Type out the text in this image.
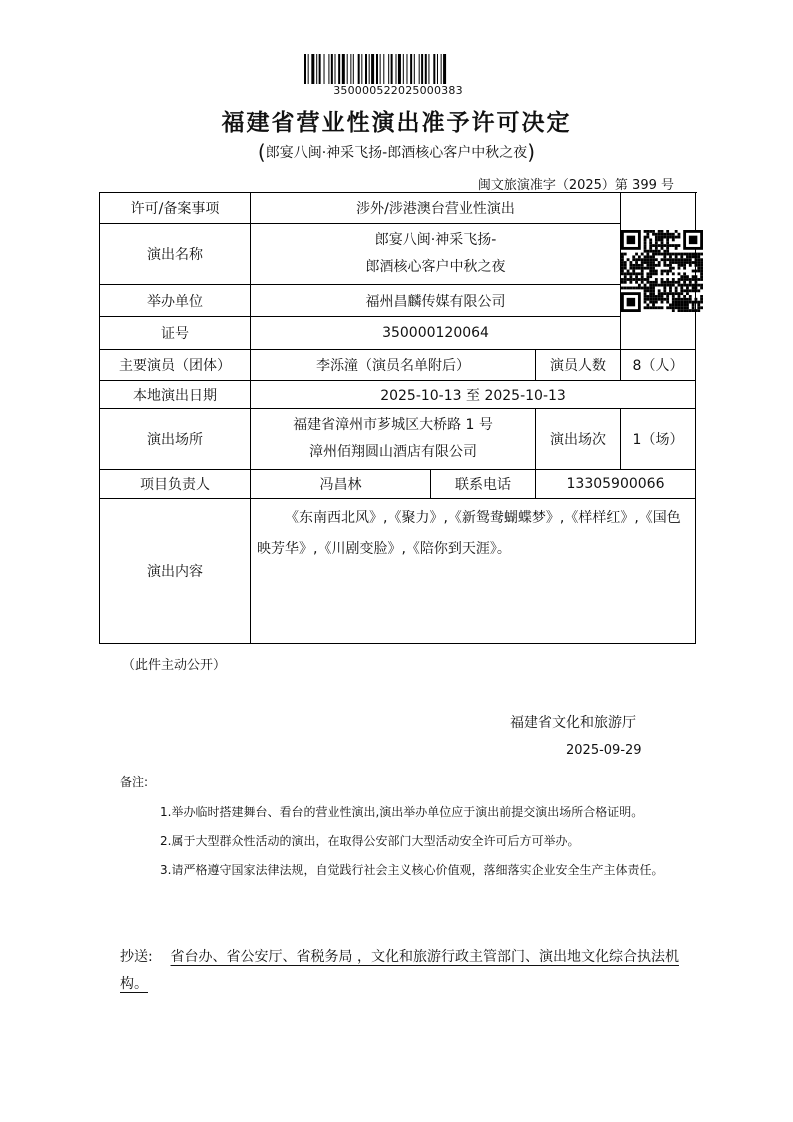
350000522025000383
福建省营业性演出准予许可决定
(郎宴八闽·神采飞扬-郎酒核心客户中秋之夜)
闽文旅演准字（2025）第 399 号
许可/备案事项	涉外/涉港澳台营业性演出	

演出名称	郎宴八闽·神采飞扬-
郎酒核心客户中秋之夜			

举办单位	福州昌麟传媒有限公司			
证号	350000120064			
主要演员（团体）	李泺潼（演员名单附后）		演员人数	8（人）
本地演出日期	2025-10-13 至 2025-10-13			
演出场所	福建省漳州市芗城区大桥路 1 号
漳州佰翔圆山酒店有限公司		演出场次	1（场）
项目负责人	冯昌林	联系电话	13305900066	
演出内容	《东南西北风》,《聚力》,《新鸳鸯蝴蝶梦》,《样样红》,《国色映芳华》,《川剧变脸》,《陪你到天涯》。			
（此件主动公开）
福建省文化和旅游厅
2025-09-29
备注:
1.举办临时搭建舞台、看台的营业性演出,演出举办单位应于演出前提交演出场所合格证明。
2.属于大型群众性活动的演出，在取得公安部门大型活动安全许可后方可举办。
3.请严格遵守国家法律法规，自觉践行社会主义核心价值观，落细落实企业安全生产主体责任。
抄送: 省台办、省公安厅、省税务局 ，文化和旅游行政主管部门、演出地文化综合执法机构。
